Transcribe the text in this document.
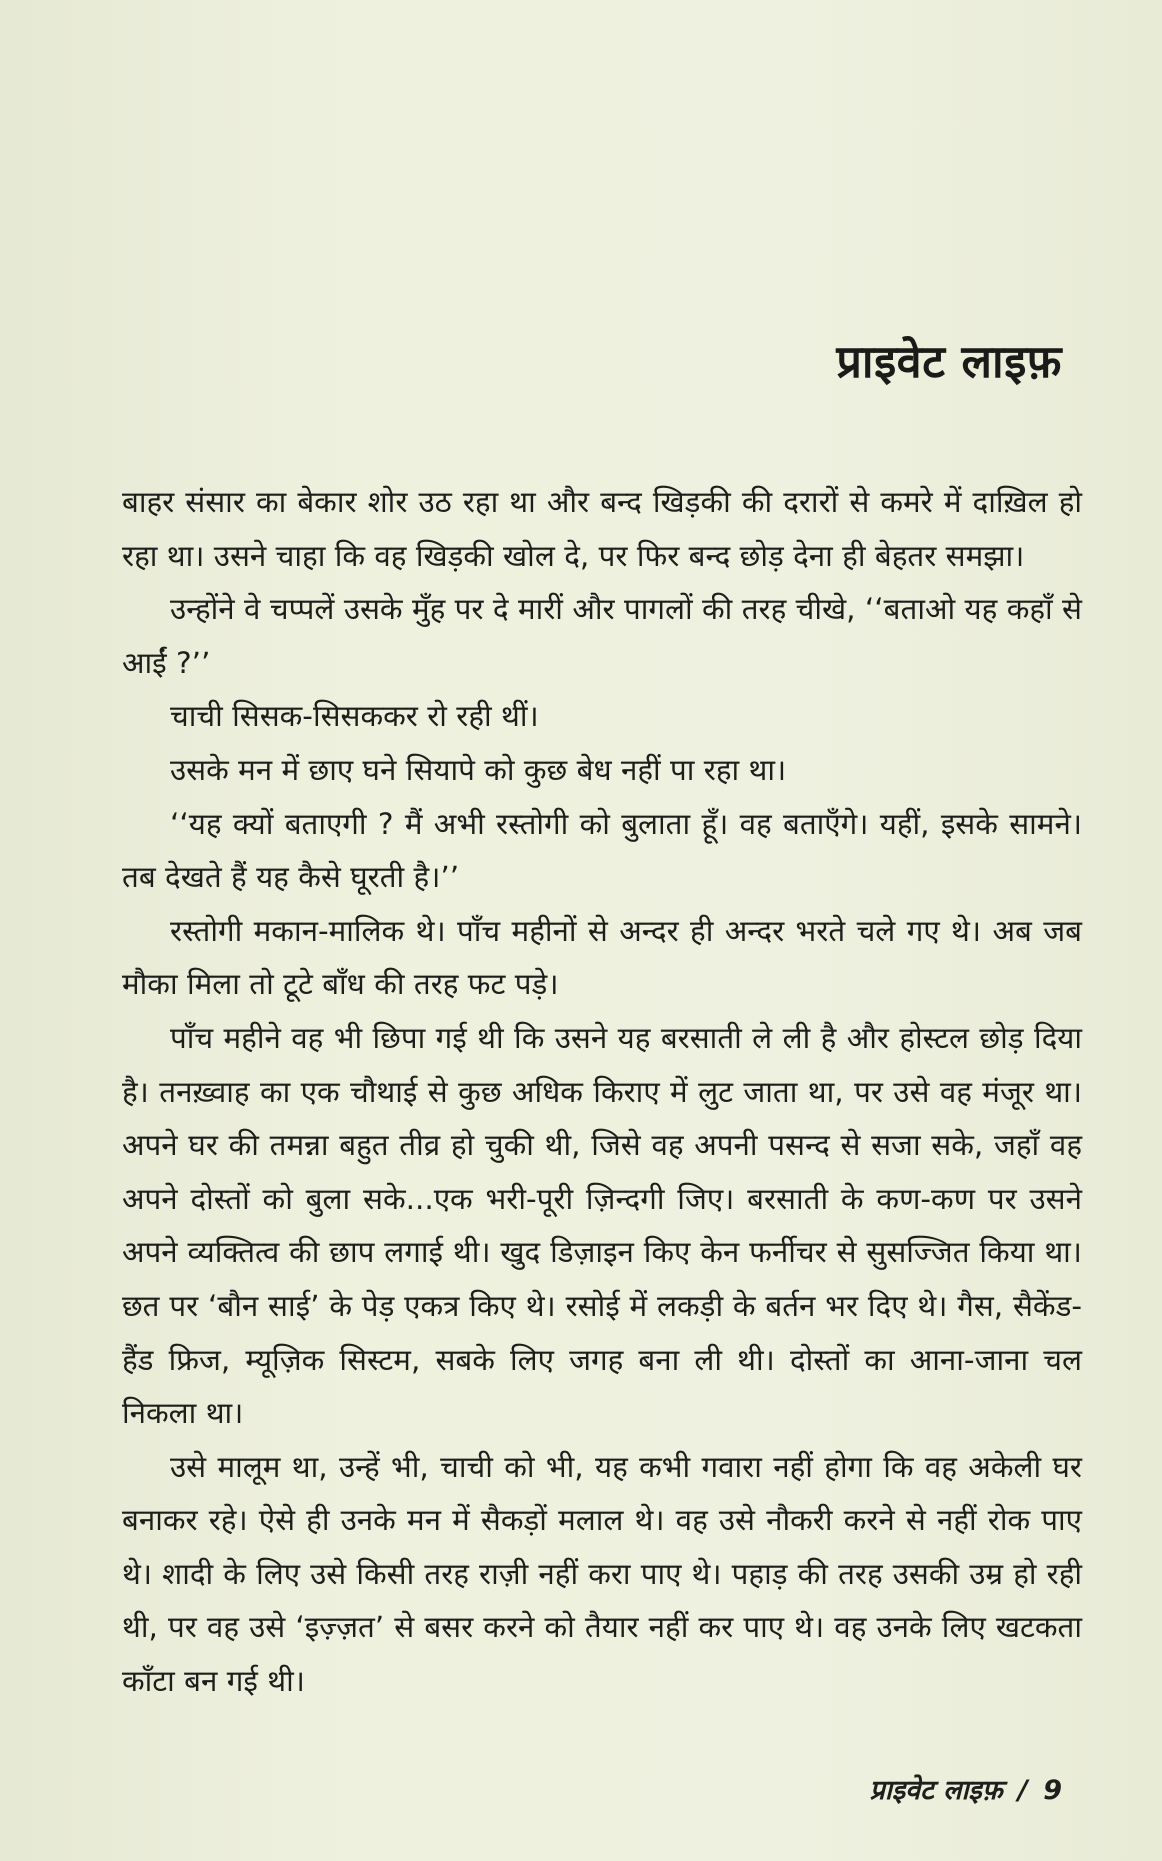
प्राइवेट लाइफ़

बाहर संसार का बेकार शोर उठ रहा था और बन्द खिड़की की दरारों से कमरे में दाख़िल हो रहा था। उसने चाहा कि वह खिड़की खोल दे, पर फिर बन्द छोड़ देना ही बेहतर समझा।

उन्होंने वे चप्पलें उसके मुँह पर दे मारीं और पागलों की तरह चीखे, ‘‘बताओ यह कहाँ से आईं ?’’

चाची सिसक-सिसककर रो रही थीं।

उसके मन में छाए घने सियापे को कुछ बेध नहीं पा रहा था।

‘‘यह क्यों बताएगी ? मैं अभी रस्तोगी को बुलाता हूँ। वह बताएँगे। यहीं, इसके सामने। तब देखते हैं यह कैसे घूरती है।’’

रस्तोगी मकान-मालिक थे। पाँच महीनों से अन्दर ही अन्दर भरते चले गए थे। अब जब मौका मिला तो टूटे बाँध की तरह फट पड़े।

पाँच महीने वह भी छिपा गई थी कि उसने यह बरसाती ले ली है और होस्टल छोड़ दिया है। तनख़्वाह का एक चौथाई से कुछ अधिक किराए में लुट जाता था, पर उसे वह मंजूर था। अपने घर की तमन्ना बहुत तीव्र हो चुकी थी, जिसे वह अपनी पसन्द से सजा सके, जहाँ वह अपने दोस्तों को बुला सके...एक भरी-पूरी ज़िन्दगी जिए। बरसाती के कण-कण पर उसने अपने व्यक्तित्व की छाप लगाई थी। खुद डिज़ाइन किए केन फर्नीचर से सुसज्जित किया था। छत पर ‘बौन साई’ के पेड़ एकत्र किए थे। रसोई में लकड़ी के बर्तन भर दिए थे। गैस, सैकेंड-हैंड फ्रिज, म्यूज़िक सिस्टम, सबके लिए जगह बना ली थी। दोस्तों का आना-जाना चल निकला था।

उसे मालूम था, उन्हें भी, चाची को भी, यह कभी गवारा नहीं होगा कि वह अकेली घर बनाकर रहे। ऐसे ही उनके मन में सैकड़ों मलाल थे। वह उसे नौकरी करने से नहीं रोक पाए थे। शादी के लिए उसे किसी तरह राज़ी नहीं करा पाए थे। पहाड़ की तरह उसकी उम्र हो रही थी, पर वह उसे ‘इज़्ज़त’ से बसर करने को तैयार नहीं कर पाए थे। वह उनके लिए खटकता काँटा बन गई थी।

प्राइवेट लाइफ़ / 9
